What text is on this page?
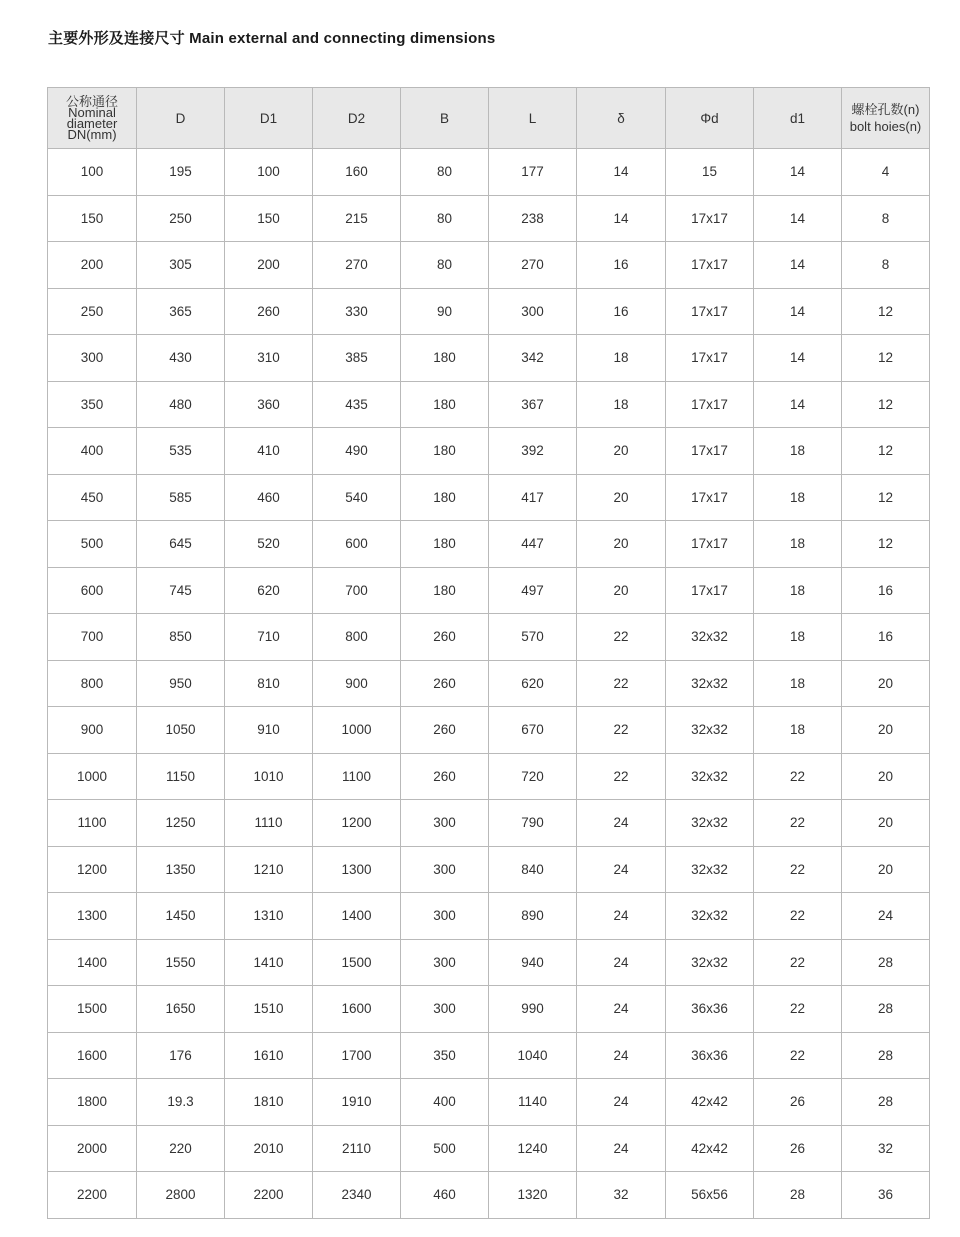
主要外形及连接尺寸 Main external and connecting dimensions
公称通径
Nominal
diameter
DN(mm)	D	D1	D2	B	L	δ	Φd	d1	螺栓孔数(n)
bolt hoies(n)

100	195	100	160	80	177	14	15	14	4
150	250	150	215	80	238	14	17x17	14	8
200	305	200	270	80	270	16	17x17	14	8
250	365	260	330	90	300	16	17x17	14	12
300	430	310	385	180	342	18	17x17	14	12
350	480	360	435	180	367	18	17x17	14	12
400	535	410	490	180	392	20	17x17	18	12
450	585	460	540	180	417	20	17x17	18	12
500	645	520	600	180	447	20	17x17	18	12
600	745	620	700	180	497	20	17x17	18	16
700	850	710	800	260	570	22	32x32	18	16
800	950	810	900	260	620	22	32x32	18	20
900	1050	910	1000	260	670	22	32x32	18	20
1000	1150	1010	1100	260	720	22	32x32	22	20
1100	1250	1110	1200	300	790	24	32x32	22	20
1200	1350	1210	1300	300	840	24	32x32	22	20
1300	1450	1310	1400	300	890	24	32x32	22	24
1400	1550	1410	1500	300	940	24	32x32	22	28
1500	1650	1510	1600	300	990	24	36x36	22	28
1600	176	1610	1700	350	1040	24	36x36	22	28
1800	19.3	1810	1910	400	1140	24	42x42	26	28
2000	220	2010	2110	500	1240	24	42x42	26	32
2200	2800	2200	2340	460	1320	32	56x56	28	36
